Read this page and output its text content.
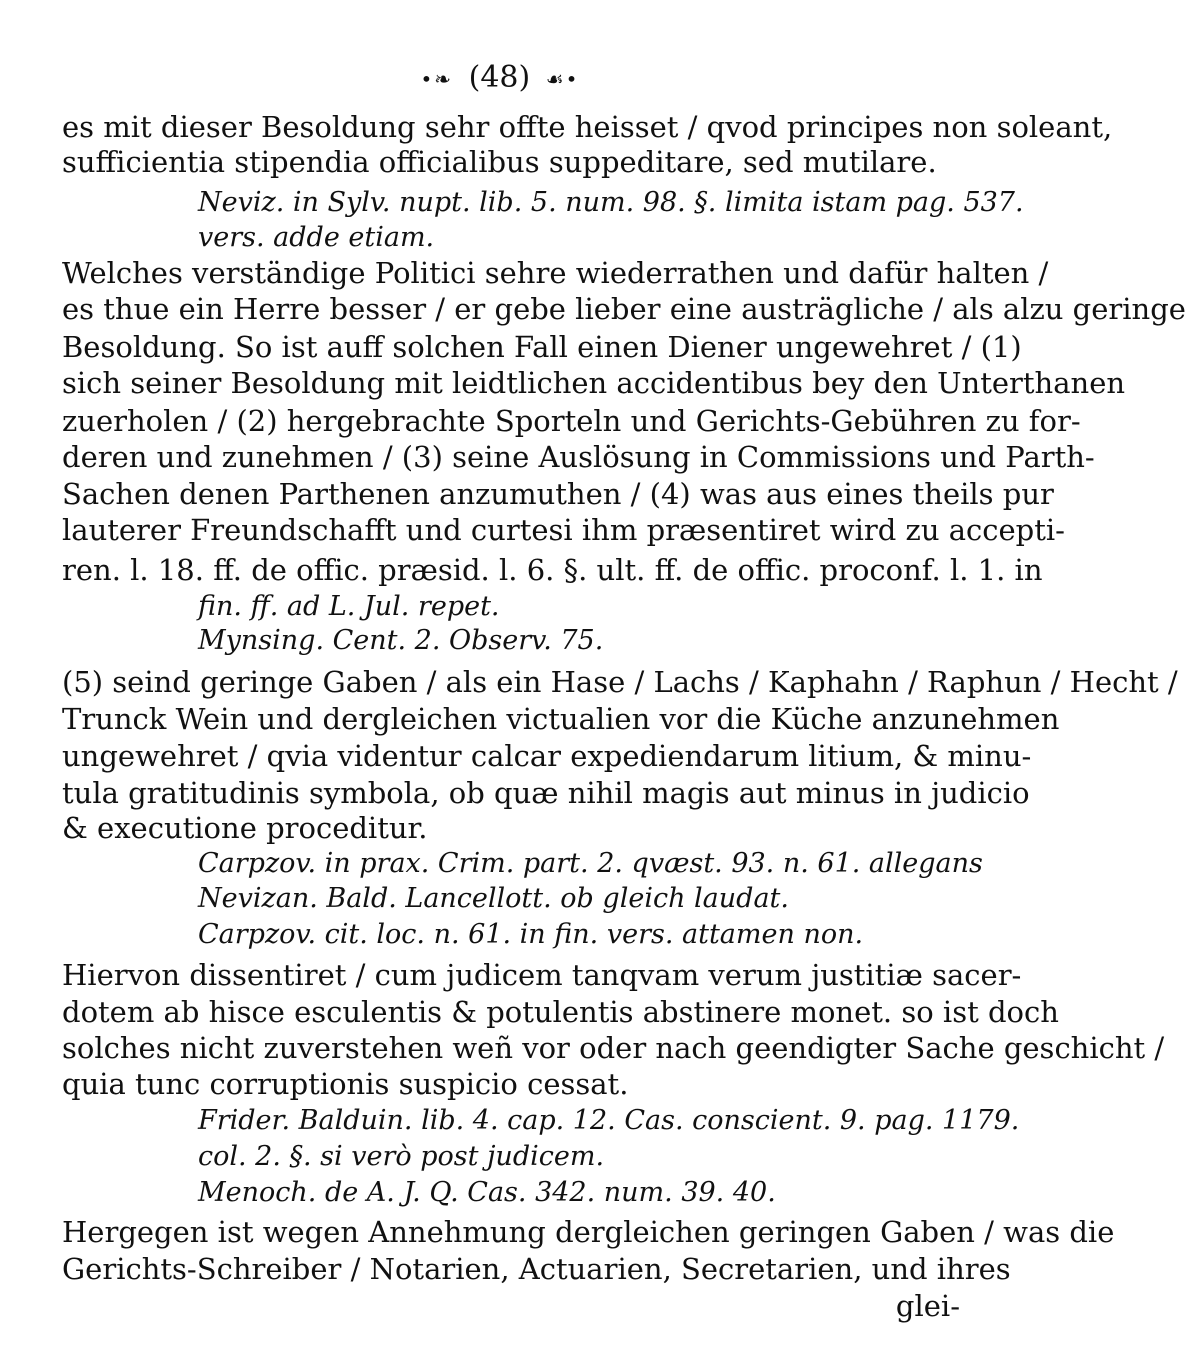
•❧ (48) ☙•
es mit dieser Besoldung sehr offte heisset / qvod principes non soleant,
sufficientia stipendia officialibus suppeditare, sed mutilare.
Neviz. in Sylv. nupt. lib. 5. num. 98. §. limita istam pag. 537.
vers. adde etiam.
Welches verständige Politici sehre wiederrathen und dafür halten /
es thue ein Herre besser / er gebe lieber eine austrägliche / als alzu geringe
Besoldung. So ist auff solchen Fall einen Diener ungewehret / (1)
sich seiner Besoldung mit leidtlichen accidentibus bey den Unterthanen
zuerholen / (2) hergebrachte Sporteln und Gerichts-Gebühren zu for-
deren und zunehmen / (3) seine Auslösung in Commissions und Parth-
Sachen denen Parthenen anzumuthen / (4) was aus eines theils pur
lauterer Freundschafft und curtesi ihm præsentiret wird zu accepti-
ren. l. 18. ff. de offic. præsid. l. 6. §. ult. ff. de offic. proconf. l. 1. in
fin. ff. ad L. Jul. repet.
Mynsing. Cent. 2. Observ. 75.
(5) seind geringe Gaben / als ein Hase / Lachs / Kaphahn / Raphun / Hecht /
Trunck Wein und dergleichen victualien vor die Küche anzunehmen
ungewehret / qvia videntur calcar expediendarum litium, & minu-
tula gratitudinis symbola, ob quæ nihil magis aut minus in judicio
& executione proceditur.
Carpzov. in prax. Crim. part. 2. qvæst. 93. n. 61. allegans
Nevizan. Bald. Lancellott. ob gleich laudat.
Carpzov. cit. loc. n. 61. in fin. vers. attamen non.
Hiervon dissentiret / cum judicem tanqvam verum justitiæ sacer-
dotem ab hisce esculentis & potulentis abstinere monet. so ist doch
solches nicht zuverstehen weñ vor oder nach geendigter Sache geschicht /
quia tunc corruptionis suspicio cessat.
Frider. Balduin. lib. 4. cap. 12. Cas. conscient. 9. pag. 1179.
col. 2. §. si verò post judicem.
Menoch. de A. J. Q. Cas. 342. num. 39. 40.
Hergegen ist wegen Annehmung dergleichen geringen Gaben / was die
Gerichts-Schreiber / Notarien, Actuarien, Secretarien, und ihres
glei-
